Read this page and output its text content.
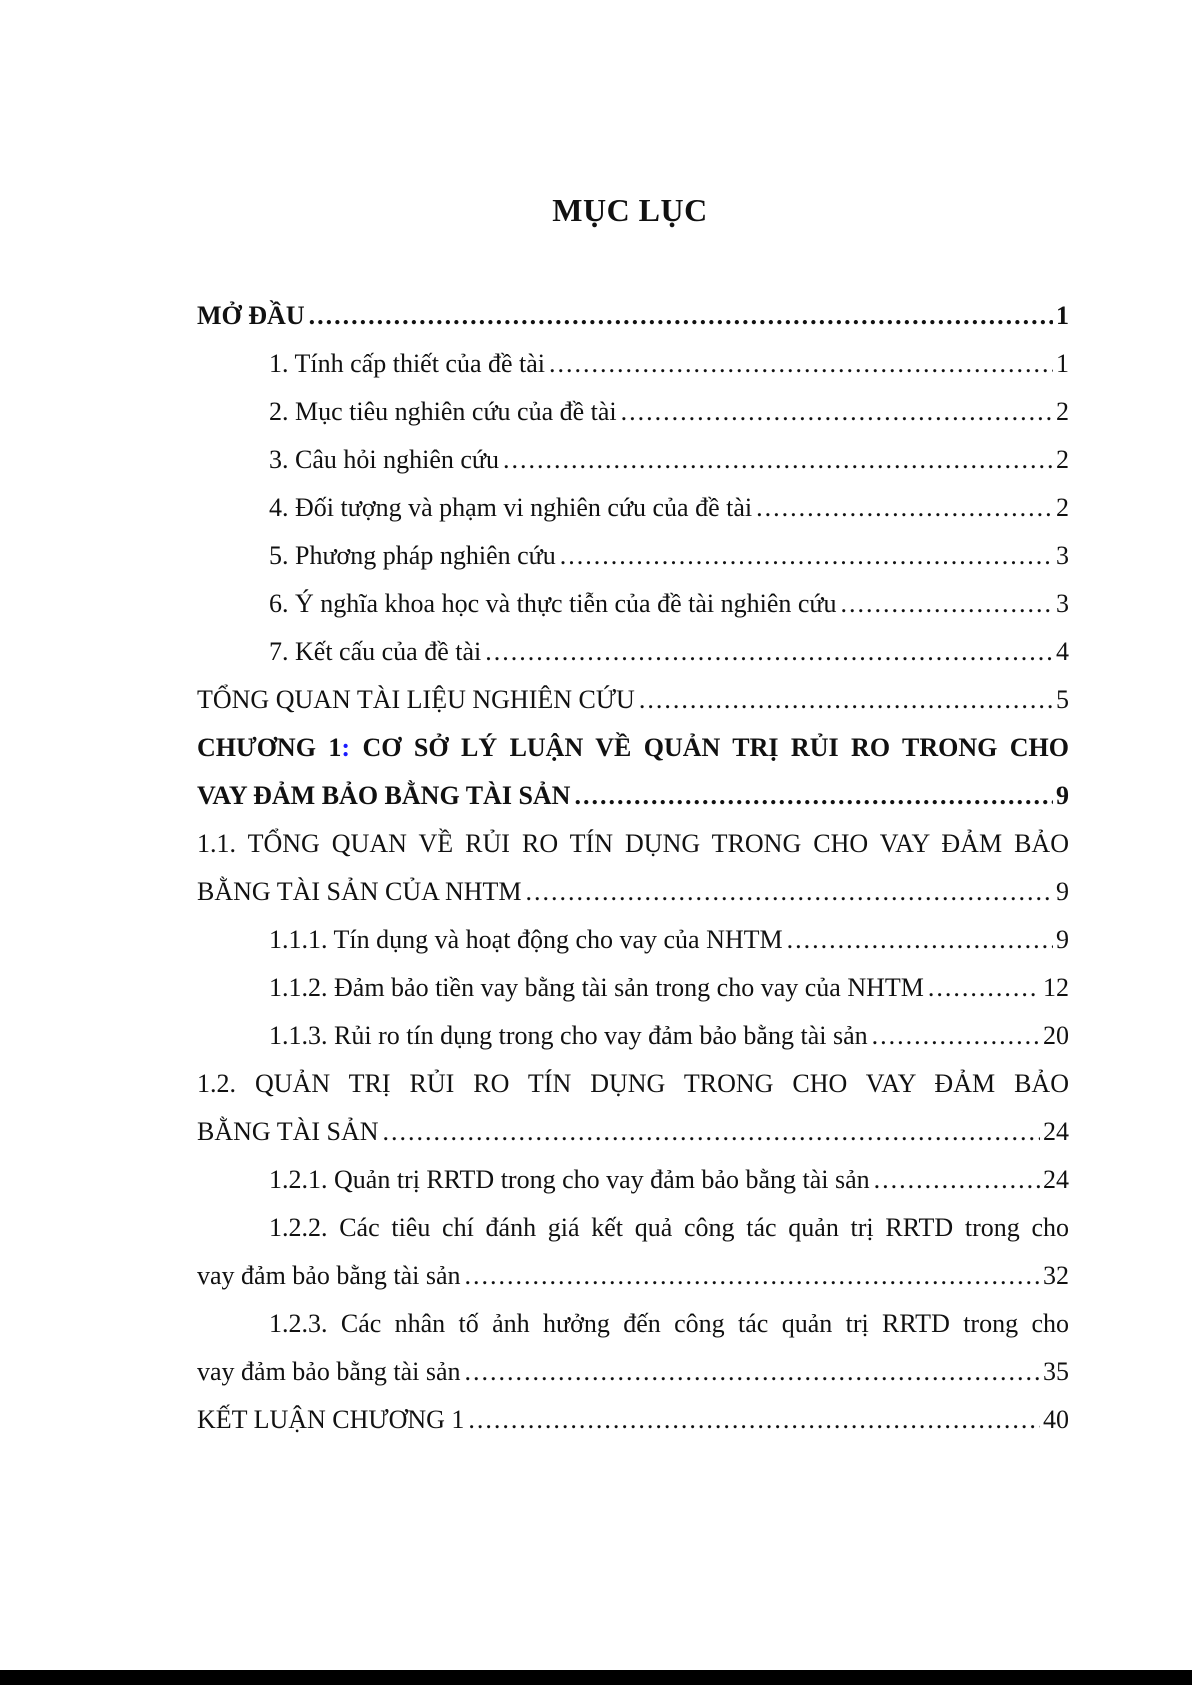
MỤC LỤC
MỞ ĐẦU .....	1
1. Tính cấp thiết của đề tài .....	1
2. Mục tiêu nghiên cứu của đề tài .....	2
3. Câu hỏi nghiên cứu .....	2
4. Đối tượng và phạm vi nghiên cứu của đề tài .....	2
5. Phương pháp nghiên cứu .....	3
6. Ý nghĩa khoa học và thực tiễn của đề tài nghiên cứu .....	3
7. Kết cấu của đề tài .....	4
TỔNG QUAN TÀI LIỆU NGHIÊN CỨU .....	5
CHƯƠNG 1: CƠ SỞ LÝ LUẬN VỀ QUẢN TRỊ RỦI RO TRONG CHO
VAY ĐẢM BẢO BẰNG TÀI SẢN .....	9
1.1. TỔNG QUAN VỀ RỦI RO TÍN DỤNG TRONG CHO VAY ĐẢM BẢO
BẰNG TÀI SẢN CỦA NHTM .....	9
1.1.1. Tín dụng và hoạt động cho vay của NHTM .....	9
1.1.2. Đảm bảo tiền vay bằng tài sản trong cho vay của NHTM .....	12
1.1.3. Rủi ro tín dụng trong cho vay đảm bảo bằng tài sản .....	20
1.2. QUẢN TRỊ RỦI RO TÍN DỤNG TRONG CHO VAY ĐẢM BẢO
BẰNG TÀI SẢN .....	24
1.2.1. Quản trị RRTD trong cho vay đảm bảo bằng tài sản .....	24
1.2.2. Các tiêu chí đánh giá kết quả công tác quản trị RRTD trong cho
vay đảm bảo bằng tài sản .....	32
1.2.3. Các nhân tố ảnh hưởng đến công tác quản trị RRTD trong cho
vay đảm bảo bằng tài sản .....	35
KẾT LUẬN CHƯƠNG 1 .....	40
